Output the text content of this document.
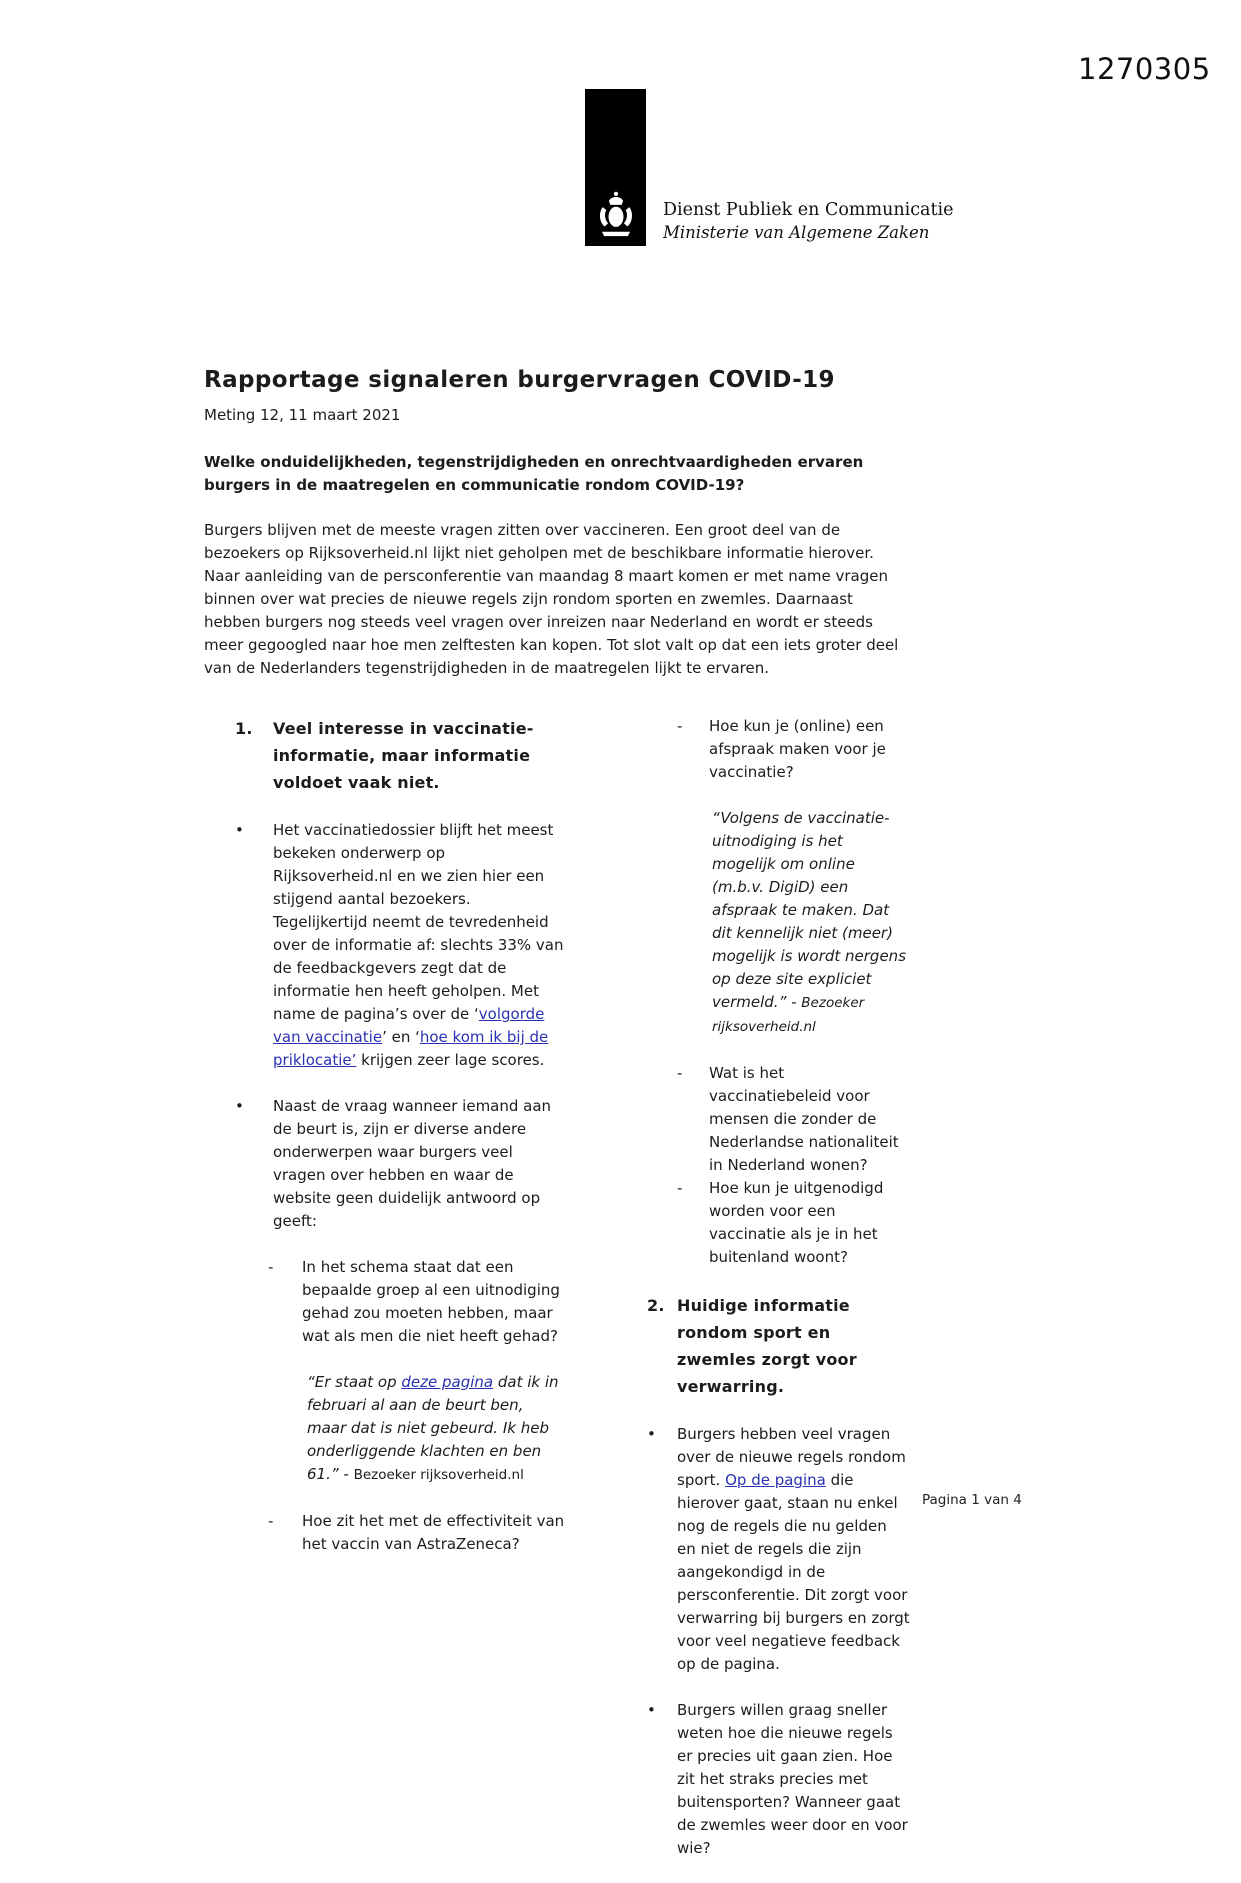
1270305
Dienst Publiek en Communicatie
Ministerie van Algemene Zaken
Rapportage signaleren burgervragen COVID-19
Meting 12, 11 maart 2021
Welke onduidelijkheden, tegenstrijdigheden en onrechtvaardigheden ervaren burgers in de maatregelen en communicatie rondom COVID-19?
Burgers blijven met de meeste vragen zitten over vaccineren. Een groot deel van de bezoekers op Rijksoverheid.nl lijkt niet geholpen met de beschikbare informatie hierover. Naar aanleiding van de persconferentie van maandag 8 maart komen er met name vragen binnen over wat precies de nieuwe regels zijn rondom sporten en zwemles. Daarnaast hebben burgers nog steeds veel vragen over inreizen naar Nederland en wordt er steeds meer gegoogled naar hoe men zelftesten kan kopen. Tot slot valt op dat een iets groter deel van de Nederlanders tegenstrijdigheden in de maatregelen lijkt te ervaren.
1.	Veel interesse in vaccinatie-informatie, maar informatie voldoet vaak niet.
•	Het vaccinatiedossier blijft het meest bekeken onderwerp op Rijksoverheid.nl en we zien hier een stijgend aantal bezoekers. Tegelijkertijd neemt de tevredenheid over de informatie af: slechts 33% van de feedbackgevers zegt dat de informatie hen heeft geholpen. Met name de pagina’s over de ‘volgorde van vaccinatie’ en ‘hoe kom ik bij de priklocatie’ krijgen zeer lage scores.
•	Naast de vraag wanneer iemand aan de beurt is, zijn er diverse andere onderwerpen waar burgers veel vragen over hebben en waar de website geen duidelijk antwoord op geeft:
-	In het schema staat dat een bepaalde groep al een uitnodiging gehad zou moeten hebben, maar wat als men die niet heeft gehad?
“Er staat op deze pagina dat ik in februari al aan de beurt ben, maar dat is niet gebeurd. Ik heb onderliggende klachten en ben 61.” - Bezoeker rijksoverheid.nl
-	Hoe zit het met de effectiviteit van het vaccin van AstraZeneca?
-	Hoe kun je (online) een afspraak maken voor je vaccinatie?
“Volgens de vaccinatie-uitnodiging is het mogelijk om online (m.b.v. DigiD) een afspraak te maken. Dat dit kennelijk niet (meer) mogelijk is wordt nergens op deze site expliciet vermeld.” - Bezoeker rijksoverheid.nl
-	Wat is het vaccinatiebeleid voor mensen die zonder de Nederlandse nationaliteit in Nederland wonen?
-	Hoe kun je uitgenodigd worden voor een vaccinatie als je in het buitenland woont?
2. Huidige informatie rondom sport en zwemles zorgt voor verwarring.
•	Burgers hebben veel vragen over de nieuwe regels rondom sport. Op de pagina die hierover gaat, staan nu enkel nog de regels die nu gelden en niet de regels die zijn aangekondigd in de persconferentie. Dit zorgt voor verwarring bij burgers en zorgt voor veel negatieve feedback op de pagina.
•	Burgers willen graag sneller weten hoe die nieuwe regels er precies uit gaan zien. Hoe zit het straks precies met buitensporten? Wanneer gaat de zwemles weer door en voor wie?
Pagina 1 van 4
